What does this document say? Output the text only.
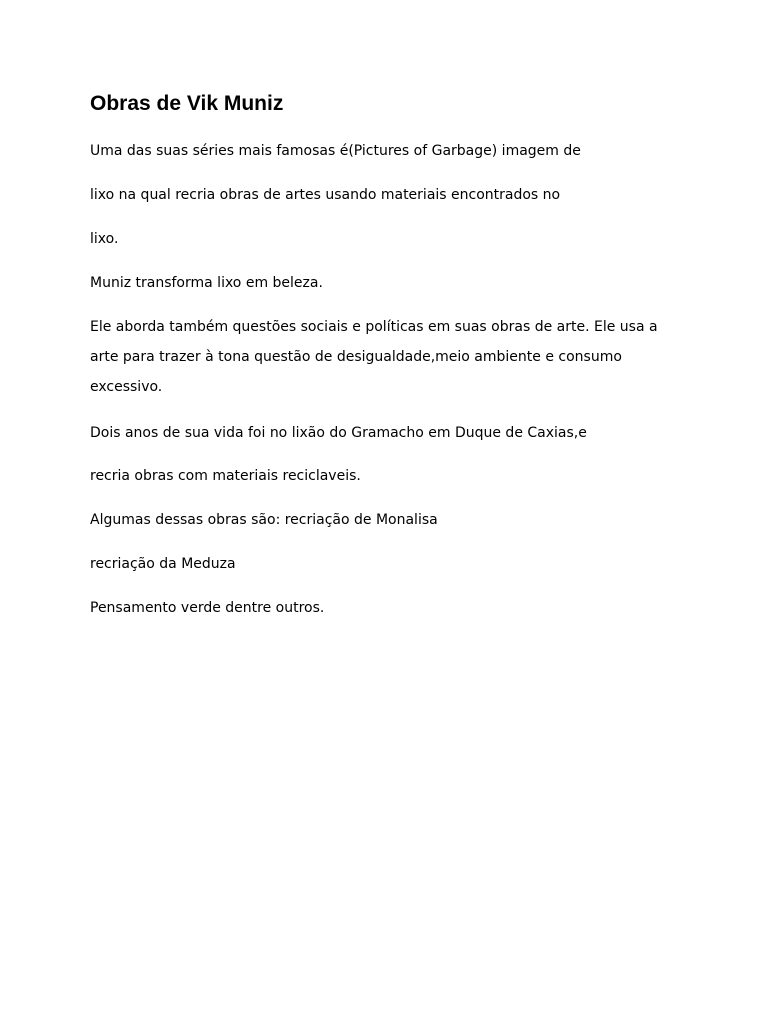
Obras de Vik Muniz

Uma das suas séries mais famosas é(Pictures of Garbage) imagem de

lixo na qual recria obras de artes usando materiais encontrados no

lixo.

Muniz transforma lixo em beleza.

Ele aborda também questões sociais e políticas em suas obras de arte. Ele usa a

arte para trazer à tona questão de desigualdade,meio ambiente e consumo

excessivo.

Dois anos de sua vida foi no lixão do Gramacho em Duque de Caxias,e

recria obras com materiais reciclaveis.

Algumas dessas obras são: recriação de Monalisa

recriação da Meduza

Pensamento verde dentre outros.
